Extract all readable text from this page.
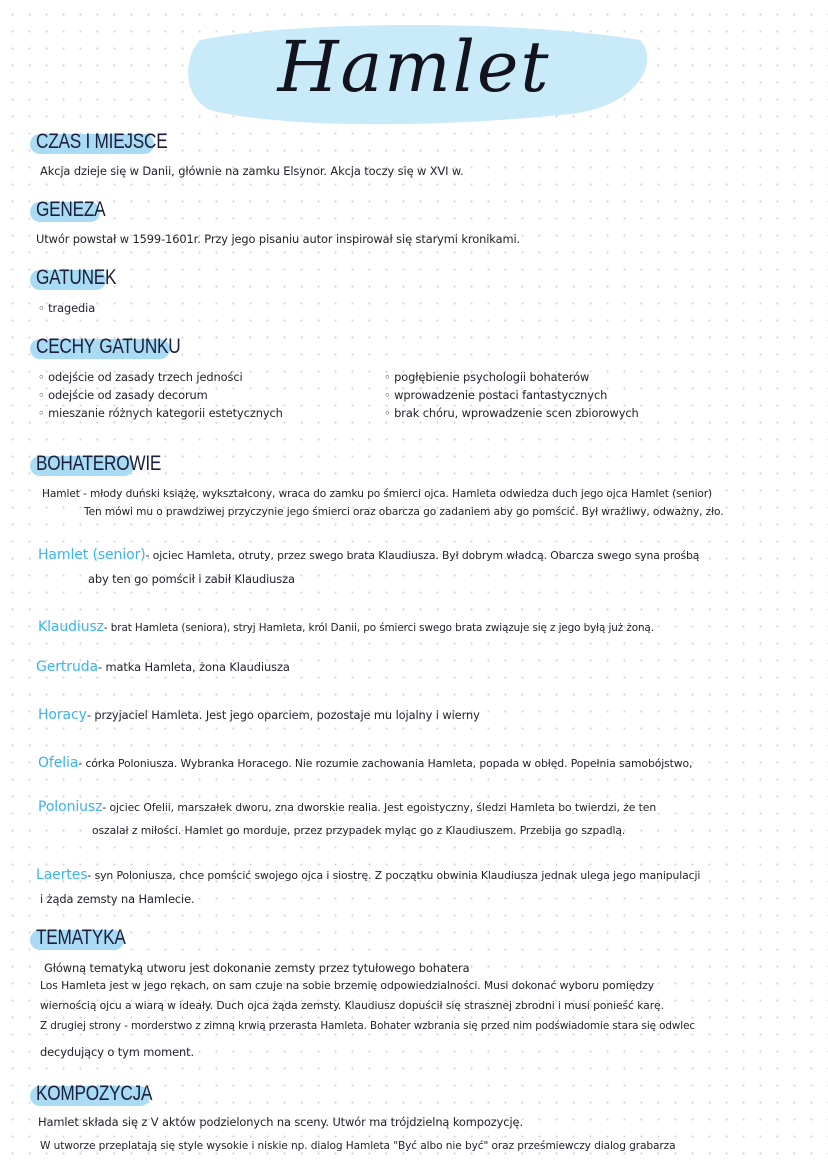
Hamlet
CZAS I MIEJSCE
Akcja dzieje się w Danii, głównie na zamku Elsynor. Akcja toczy się w XVI w.
GENEZA
Utwór powstał w 1599-1601r. Przy jego pisaniu autor inspirował się starymi kronikami.
GATUNEK
◦ tragedia
CECHY GATUNKU
◦ odejście od zasady trzech jedności
◦ odejście od zasady decorum
◦ mieszanie różnych kategorii estetycznych
◦ pogłębienie psychologii bohaterów
◦ wprowadzenie postaci fantastycznych
◦ brak chóru, wprowadzenie scen zbiorowych
BOHATEROWIE
Hamlet - młody duński książę, wykształcony, wraca do zamku po śmierci ojca. Hamleta odwiedza duch jego ojca Hamlet (senior)
Ten mówi mu o prawdziwej przyczynie jego śmierci oraz obarcza go zadaniem aby go pomścić. Był wrażliwy, odważny, zło.
Hamlet (senior)- ojciec Hamleta, otruty, przez swego brata Klaudiusza. Był dobrym władcą. Obarcza swego syna prośbą
aby ten go pomścił i zabił Klaudiusza
Klaudiusz- brat Hamleta (seniora), stryj Hamleta, król Danii, po śmierci swego brata związuje się z jego byłą już żoną.
Gertruda- matka Hamleta, żona Klaudiusza
Horacy- przyjaciel Hamleta. Jest jego oparciem, pozostaje mu lojalny i wierny
Ofelia- córka Poloniusza. Wybranka Horacego. Nie rozumie zachowania Hamleta, popada w obłęd. Popełnia samobójstwo,
Poloniusz- ojciec Ofelii, marszałek dworu, zna dworskie realia. Jest egoistyczny, śledzi Hamleta bo twierdzi, że ten
oszalał z miłości. Hamlet go morduje, przez przypadek myląc go z Klaudiuszem. Przebija go szpadlą.
Laertes- syn Poloniusza, chce pomścić swojego ojca i siostrę. Z początku obwinia Klaudiusza jednak ulega jego manipulacji
i żąda zemsty na Hamlecie.
TEMATYKA
Główną tematyką utworu jest dokonanie zemsty przez tytułowego bohatera
Los Hamleta jest w jego rękach, on sam czuje na sobie brzemię odpowiedzialności. Musi dokonać wyboru pomiędzy
wiernością ojcu a wiarą w ideały. Duch ojca żąda zemsty. Klaudiusz dopuścił się strasznej zbrodni i musi ponieść karę.
Z drugiej strony - morderstwo z zimną krwią przerasta Hamleta. Bohater wzbrania się przed nim podświadomie stara się odwlec
decydujący o tym moment.
KOMPOZYCJA
Hamlet składa się z V aktów podzielonych na sceny. Utwór ma trójdzielną kompozycję.
W utworze przeplatają się style wysokie i niskie np. dialog Hamleta "Być albo nie być" oraz prześmiewczy dialog grabarza
